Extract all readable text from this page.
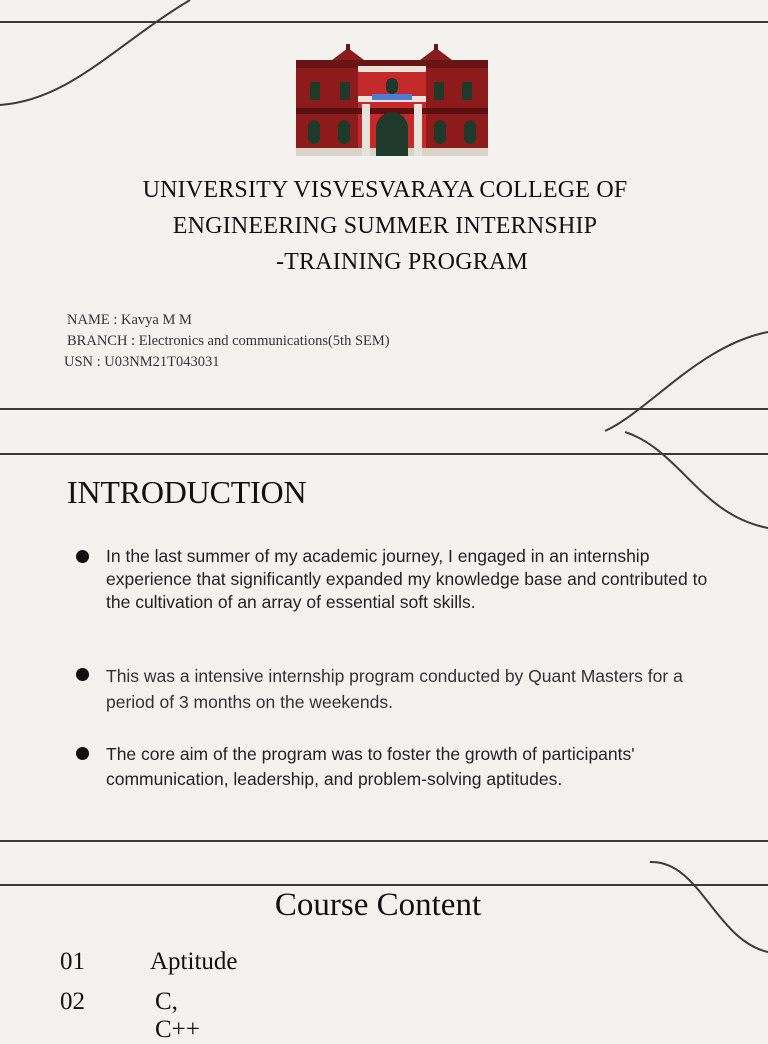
UNIVERSITY VISVESVARAYA COLLEGE OF
ENGINEERING SUMMER INTERNSHIP
-TRAINING PROGRAM
NAME : Kavya M M
BRANCH : Electronics and communications(5th SEM)
USN : U03NM21T043031
INTRODUCTION
In the last summer of my academic journey, I engaged in an internship experience that significantly expanded my knowledge base and contributed to the cultivation of an array of essential soft skills.
This was a intensive internship program conducted by Quant Masters for a period of 3 months on the weekends.
The core aim of the program was to foster the growth of participants' communication, leadership, and problem-solving aptitudes.
Course Content
01	Aptitude
02	C, C++
